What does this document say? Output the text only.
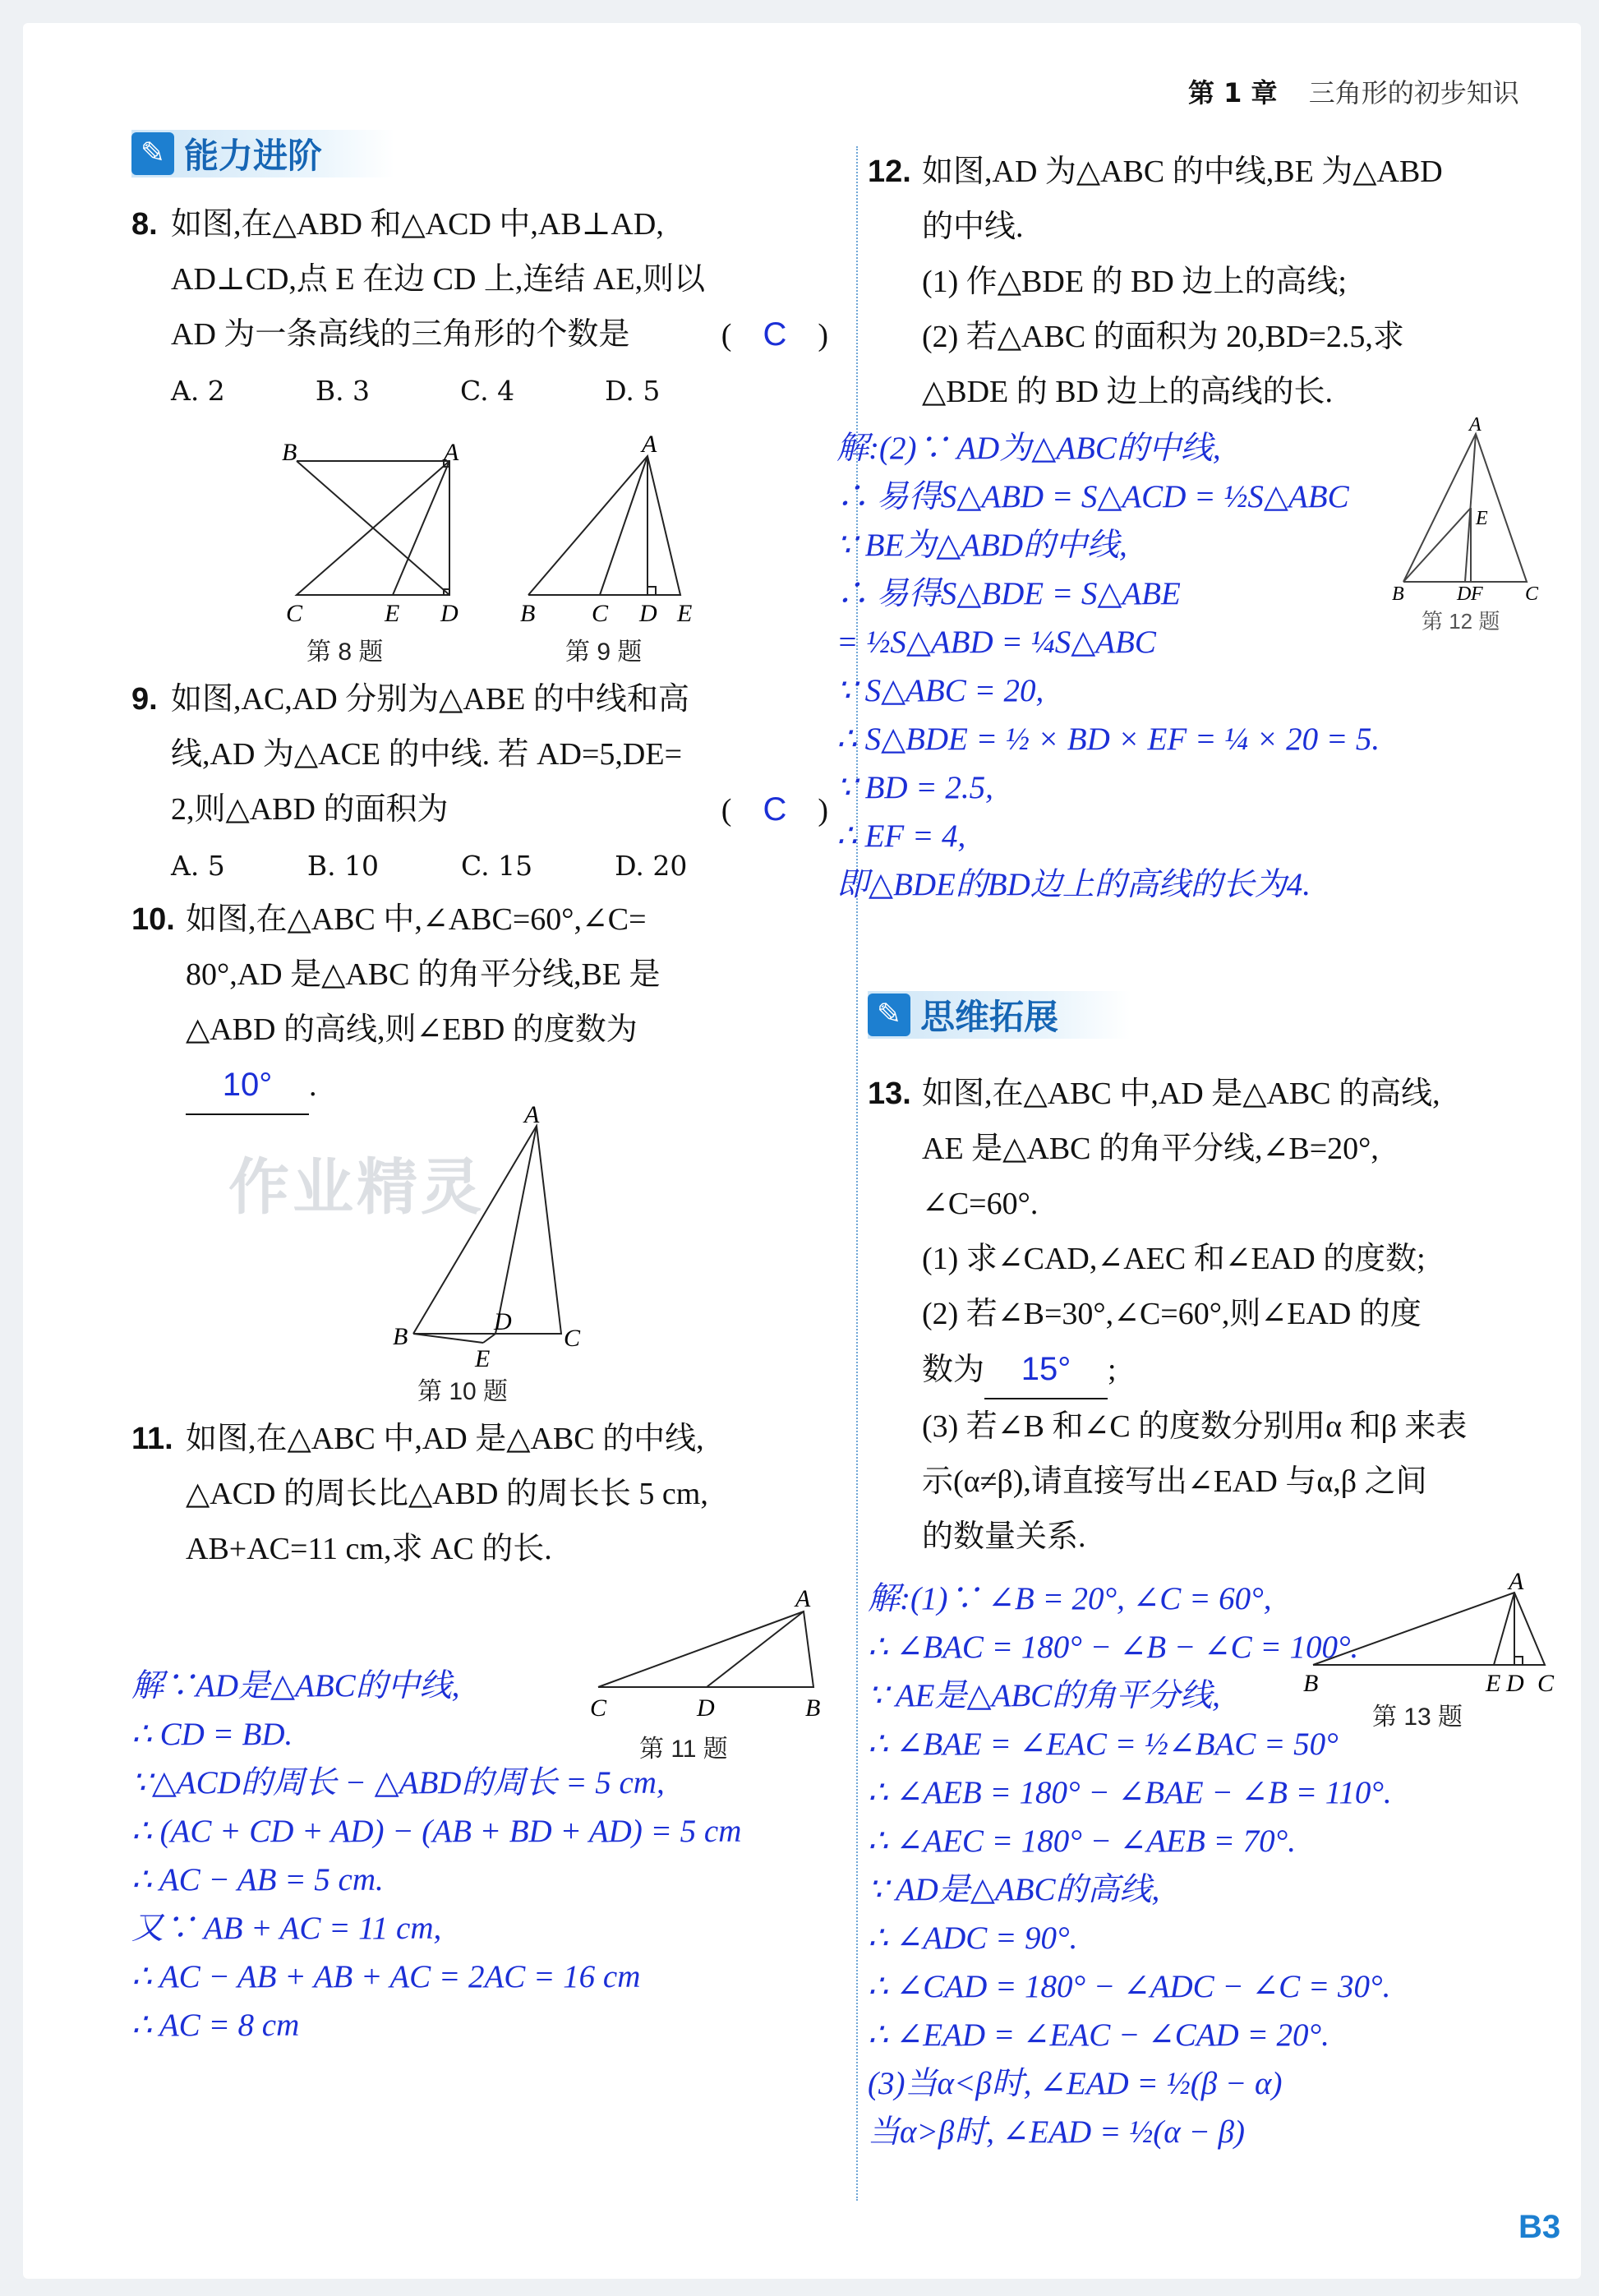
第 1 章 三角形的初步知识
✎ 能力进阶
8. 如图,在△ABD 和△ACD 中,AB⊥AD,
AD⊥CD,点 E 在边 CD 上,连结 AE,则以
AD 为一条高线的三角形的个数是	(　C　)
A. 2	B. 3	C. 4	D. 5
B	A
C	E D
A
B C D E
第 8 题	第 9 题
9. 如图,AC,AD 分别为△ABE 的中线和高
线,AD 为△ACE 的中线. 若 AD=5,DE=
2,则△ABD 的面积为	(　C　)
A. 5	B. 10	C. 15	D. 20
10. 如图,在△ABC 中,∠ABC=60°,∠C=
80°,AD 是△ABC 的角平分线,BE 是
△ABD 的高线,则∠EBD 的度数为
10° .
作业精灵
A
B
D
C
E
第 10 题
11. 如图,在△ABC 中,AD 是△ABC 的中线,
△ACD 的周长比△ABD 的周长长 5 cm,
AB+AC=11 cm,求 AC 的长.
A
C	D	B
第 11 题
解∵AD是△ABC的中线,
∴ CD = BD.
∵△ACD的周长 − △ABD的周长 = 5 cm,
∴ (AC + CD + AD) − (AB + BD + AD) = 5 cm
∴ AC − AB = 5 cm.
又∵ AB + AC = 11 cm,
∴ AC − AB + AB + AC = 2AC = 16 cm
∴ AC = 8 cm
12. 如图,AD 为△ABC 的中线,BE 为△ABD
的中线.
(1) 作△BDE 的 BD 边上的高线;
(2) 若△ABC 的面积为 20,BD=2.5,求
△BDE 的 BD 边上的高线的长.
解:(2)∵ AD为△ABC的中线,
∴ 易得S△ABD = S△ACD = ½S△ABC
∵ BE为△ABD的中线,
∴ 易得S△BDE = S△ABE
= ½S△ABD = ¼S△ABC
∵ S△ABC = 20,
∴ S△BDE = ½ × BD × EF = ¼ × 20 = 5.
∵ BD = 2.5,
∴ EF = 4,
即△BDE的BD边上的高线的长为4.
A
E
B	D F C
第 12 题
✎ 思维拓展
13. 如图,在△ABC 中,AD 是△ABC 的高线,
AE 是△ABC 的角平分线,∠B=20°,
∠C=60°.
(1) 求∠CAD,∠AEC 和∠EAD 的度数;
(2) 若∠B=30°,∠C=60°,则∠EAD 的度
数为 15° ;
(3) 若∠B 和∠C 的度数分别用α 和β 来表
示(α≠β),请直接写出∠EAD 与α,β 之间
的数量关系.
解:(1)∵ ∠B = 20°, ∠C = 60°,
∴ ∠BAC = 180° − ∠B − ∠C = 100°.
∵ AE是△ABC的角平分线,
∴ ∠BAE = ∠EAC = ½∠BAC = 50°
∴ ∠AEB = 180° − ∠BAE − ∠B = 110°.
∴ ∠AEC = 180° − ∠AEB = 70°.
∵ AD是△ABC的高线,
∴ ∠ADC = 90°.
∴ ∠CAD = 180° − ∠ADC − ∠C = 30°.
∴ ∠EAD = ∠EAC − ∠CAD = 20°.
(3)当α<β时, ∠EAD = ½(β − α)
当α>β时, ∠EAD = ½(α − β)
A
B	E D C
第 13 题
B3
